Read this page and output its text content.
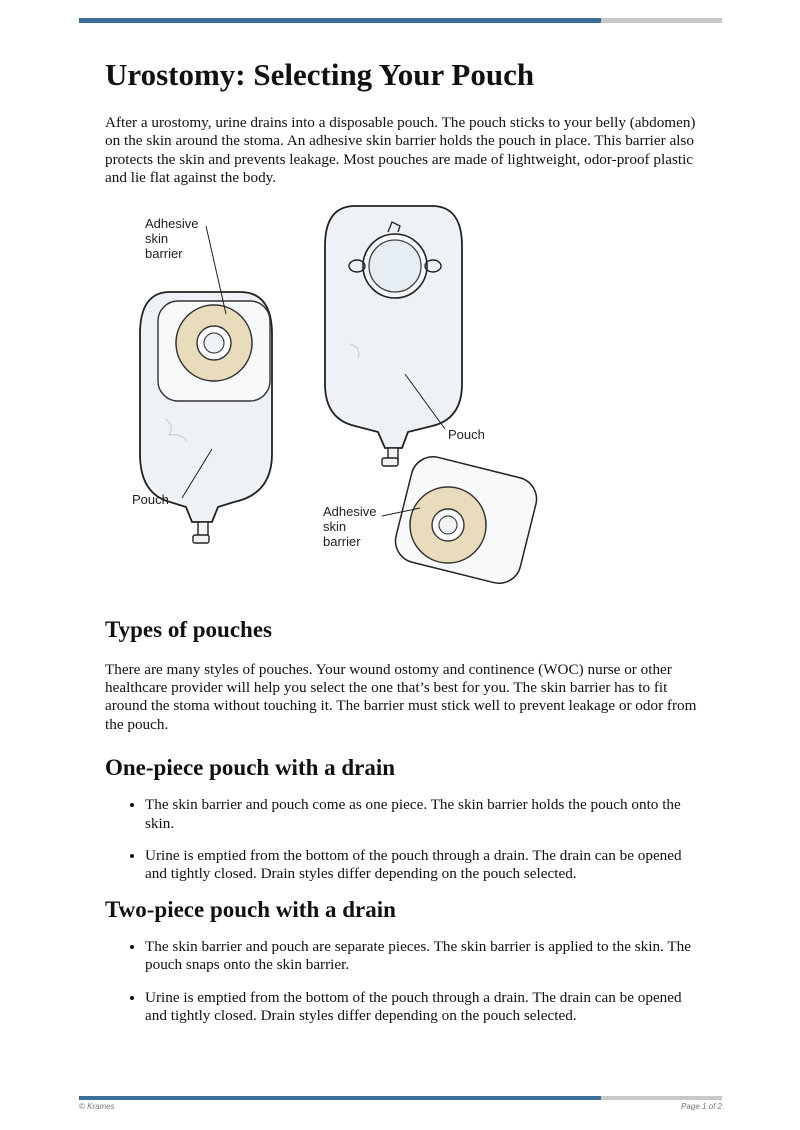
Urostomy: Selecting Your Pouch

After a urostomy, urine drains into a disposable pouch. The pouch sticks to your belly (abdomen) on the skin around the stoma. An adhesive skin barrier holds the pouch in place. This barrier also protects the skin and prevents leakage. Most pouches are made of lightweight, odor-proof plastic and lie flat against the body.

Adhesive
skin
barrier
Pouch
Pouch
Adhesive
skin
barrier
Types of pouches

There are many styles of pouches. Your wound ostomy and continence (WOC) nurse or other healthcare provider will help you select the one that’s best for you. The skin barrier has to fit around the stoma without touching it. The barrier must stick well to prevent leakage or odor from the pouch.

One-piece pouch with a drain
• The skin barrier and pouch come as one piece. The skin barrier holds the pouch onto the skin.
• Urine is emptied from the bottom of the pouch through a drain. The drain can be opened and tightly closed. Drain styles differ depending on the pouch selected.
Two-piece pouch with a drain
• The skin barrier and pouch are separate pieces. The skin barrier is applied to the skin. The pouch snaps onto the skin barrier.
• Urine is emptied from the bottom of the pouch through a drain. The drain can be opened and tightly closed. Drain styles differ depending on the pouch selected.
© Krames	Page 1 of 2
